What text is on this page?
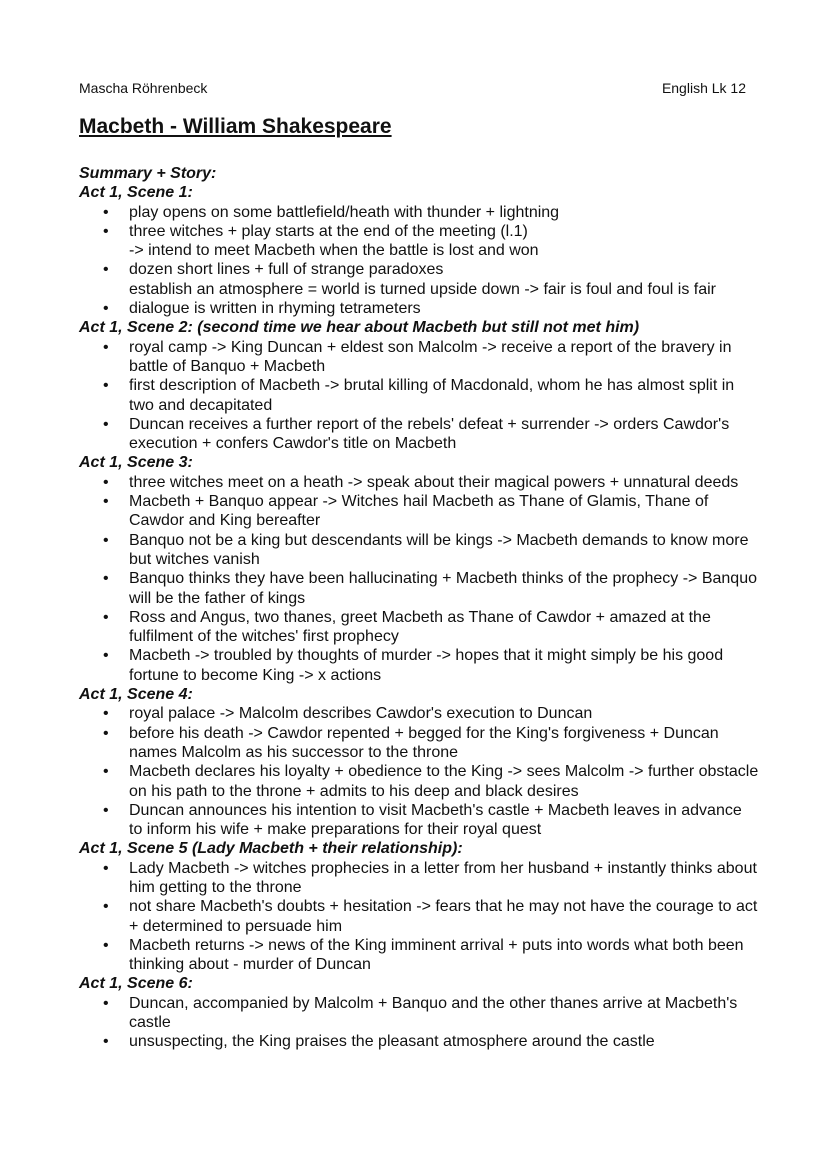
Mascha Röhrenbeck	English Lk 12
Macbeth - William Shakespeare
Summary + Story:
Act 1, Scene 1:
• play opens on some battlefield/heath with thunder + lightning
• three witches + play starts at the end of the meeting (l.1)
-> intend to meet Macbeth when the battle is lost and won
• dozen short lines + full of strange paradoxes
establish an atmosphere = world is turned upside down -> fair is foul and foul is fair
• dialogue is written in rhyming tetrameters
Act 1, Scene 2: (second time we hear about Macbeth but still not met him)
• royal camp -> King Duncan + eldest son Malcolm -> receive a report of the bravery in battle of Banquo + Macbeth
• first description of Macbeth -> brutal killing of Macdonald, whom he has almost split in two and decapitated
• Duncan receives a further report of the rebels' defeat + surrender -> orders Cawdor's execution + confers Cawdor's title on Macbeth
Act 1, Scene 3:
• three witches meet on a heath -> speak about their magical powers + unnatural deeds
• Macbeth + Banquo appear -> Witches hail Macbeth as Thane of Glamis, Thane of Cawdor and King bereafter
• Banquo not be a king but descendants will be kings -> Macbeth demands to know more but witches vanish
• Banquo thinks they have been hallucinating + Macbeth thinks of the prophecy -> Banquo will be the father of kings
• Ross and Angus, two thanes, greet Macbeth as Thane of Cawdor + amazed at the fulfilment of the witches' first prophecy
• Macbeth -> troubled by thoughts of murder -> hopes that it might simply be his good fortune to become King -> x actions
Act 1, Scene 4:
• royal palace -> Malcolm describes Cawdor's execution to Duncan
• before his death -> Cawdor repented + begged for the King's forgiveness + Duncan names Malcolm as his successor to the throne
• Macbeth declares his loyalty + obedience to the King -> sees Malcolm -> further obstacle on his path to the throne + admits to his deep and black desires
• Duncan announces his intention to visit Macbeth's castle + Macbeth leaves in advance to inform his wife + make preparations for their royal quest
Act 1, Scene 5 (Lady Macbeth + their relationship):
• Lady Macbeth -> witches prophecies in a letter from her husband + instantly thinks about him getting to the throne
• not share Macbeth's doubts + hesitation -> fears that he may not have the courage to act + determined to persuade him
• Macbeth returns -> news of the King imminent arrival + puts into words what both been thinking about - murder of Duncan
Act 1, Scene 6:
• Duncan, accompanied by Malcolm + Banquo and the other thanes arrive at Macbeth's castle
• unsuspecting, the King praises the pleasant atmosphere around the castle
